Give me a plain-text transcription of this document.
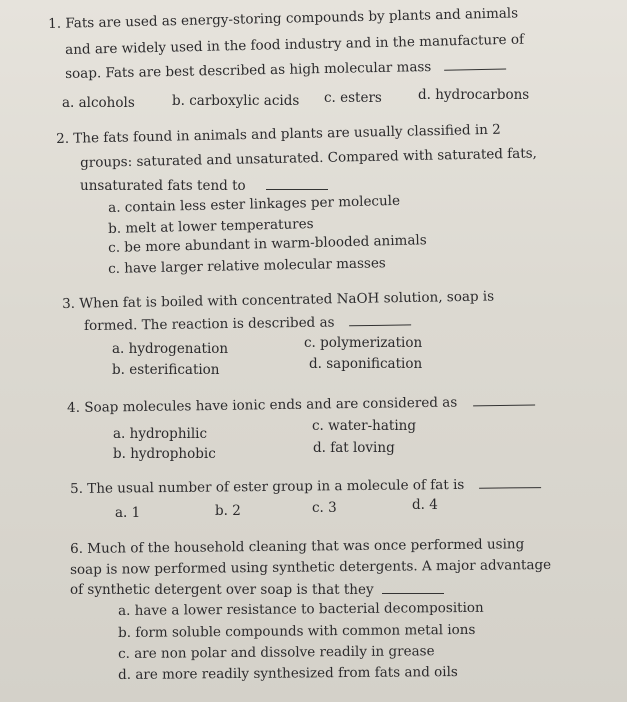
1. Fats are used as energy-storing compounds by plants and animals
and are widely used in the food industry and in the manufacture of
soap. Fats are best described as high molecular mass
a. alcohols	b. carboxylic acids c. esters	d. hydrocarbons
2. The fats found in animals and plants are usually classified in 2
groups: saturated and unsaturated. Compared with saturated fats,
unsaturated fats tend to
a. contain less ester linkages per molecule
b. melt at lower temperatures
c. be more abundant in warm-blooded animals
c. have larger relative molecular masses
3. When fat is boiled with concentrated NaOH solution, soap is
formed. The reaction is described as
a. hydrogenation	c. polymerization
b. esterification	d. saponification
4. Soap molecules have ionic ends and are considered as
a. hydrophilic	c. water-hating
b. hydrophobic	d. fat loving
5. The usual number of ester group in a molecule of fat is
a. 1	b. 2	c. 3	d. 4
6. Much of the household cleaning that was once performed using
soap is now performed using synthetic detergents. A major advantage
of synthetic detergent over soap is that they
a. have a lower resistance to bacterial decomposition
b. form soluble compounds with common metal ions
c. are non polar and dissolve readily in grease
d. are more readily synthesized from fats and oils
